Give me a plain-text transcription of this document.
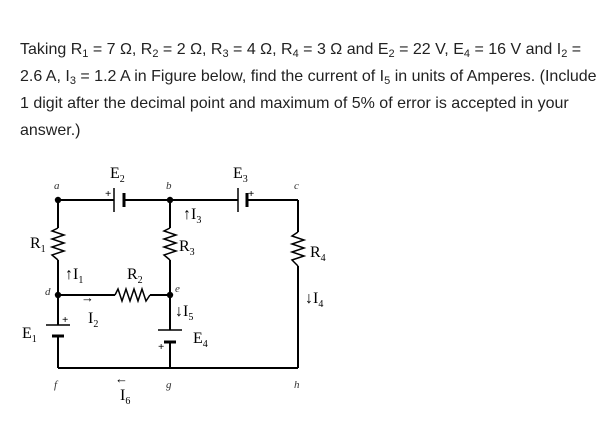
Taking $R_1 = 7$ Ω, $R_2 = 2$ Ω, $R_3 = 4$ Ω, $R_4 = 3$ Ω and $E_2 = 22$ V, $E_4 = 16$ V and $I_2 = 2.6$ A, $I_3 = 1.2$ A in Figure below, find the current of $I_5$ in units of Amperes. (Include 1 digit after the decimal point and maximum of 5% of error is accepted in your answer.)

a	b	c
d	e
f	g	h
$E_2$	$E_3$
$R_1$	$R_3$	$R_4$
$R_2$
$E_1$	$E_4$
$↑I_3$
$↑I_1$
→
$I_2$
$↓I_5$
$↓I_4$
←
$I_6$
+	+
+
+
